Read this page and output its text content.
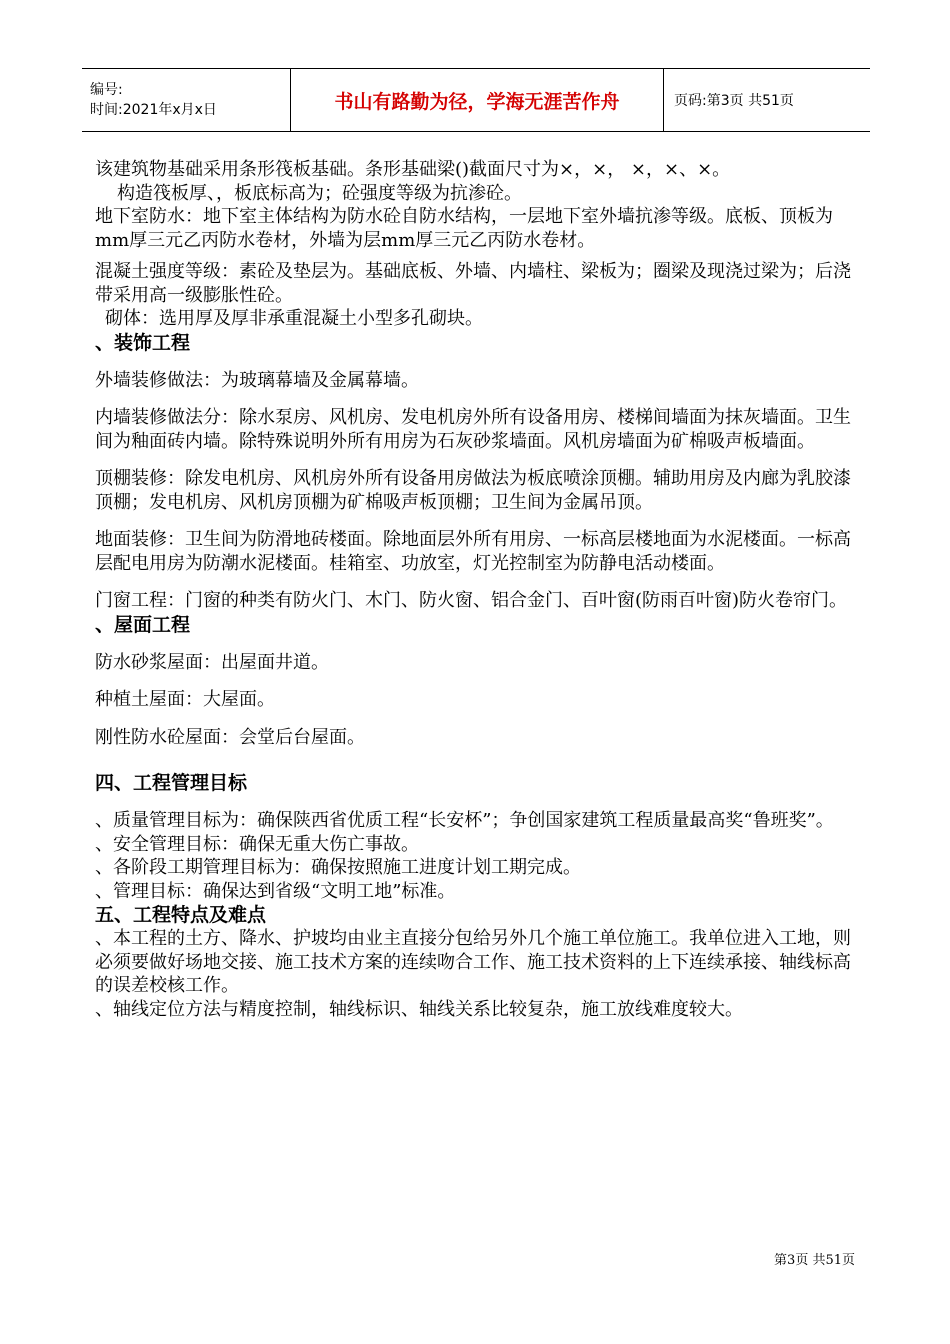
编号:
时间:2021年x月x日	书山有路勤为径，学海无涯苦作舟	页码:第3页 共51页

该建筑物基础采用条形筏板基础。条形基础梁()截面尺寸为×，×， ×，×、×。

构造筏板厚、，板底标高为；砼强度等级为抗渗砼。

地下室防水：地下室主体结构为防水砼自防水结构，一层地下室外墙抗渗等级。底板、顶板为mm厚三元乙丙防水卷材，外墙为层mm厚三元乙丙防水卷材。

混凝土强度等级：素砼及垫层为。基础底板、外墙、内墙柱、梁板为；圈梁及现浇过梁为；后浇带采用高一级膨胀性砼。

砌体：选用厚及厚非承重混凝土小型多孔砌块。

、装饰工程

外墙装修做法：为玻璃幕墙及金属幕墙。

内墙装修做法分：除水泵房、风机房、发电机房外所有设备用房、楼梯间墙面为抹灰墙面。卫生间为釉面砖内墙。除特殊说明外所有用房为石灰砂浆墙面。风机房墙面为矿棉吸声板墙面。

顶棚装修：除发电机房、风机房外所有设备用房做法为板底喷涂顶棚。辅助用房及内廊为乳胶漆顶棚；发电机房、风机房顶棚为矿棉吸声板顶棚；卫生间为金属吊顶。

地面装修：卫生间为防滑地砖楼面。除地面层外所有用房、一标高层楼地面为水泥楼面。一标高层配电用房为防潮水泥楼面。桂箱室、功放室，灯光控制室为防静电活动楼面。

门窗工程：门窗的种类有防火门、木门、防火窗、铝合金门、百叶窗(防雨百叶窗)防火卷帘门。

、屋面工程

防水砂浆屋面：出屋面井道。

种植土屋面：大屋面。

刚性防水砼屋面：会堂后台屋面。

四、工程管理目标

、质量管理目标为：确保陕西省优质工程“长安杯”；争创国家建筑工程质量最高奖“鲁班奖”。

、安全管理目标：确保无重大伤亡事故。

、各阶段工期管理目标为：确保按照施工进度计划工期完成。

、管理目标：确保达到省级“文明工地”标准。

五、工程特点及难点

、本工程的土方、降水、护坡均由业主直接分包给另外几个施工单位施工。我单位进入工地，则必须要做好场地交接、施工技术方案的连续吻合工作、施工技术资料的上下连续承接、轴线标高的误差校核工作。

、轴线定位方法与精度控制，轴线标识、轴线关系比较复杂，施工放线难度较大。

第3页 共51页
